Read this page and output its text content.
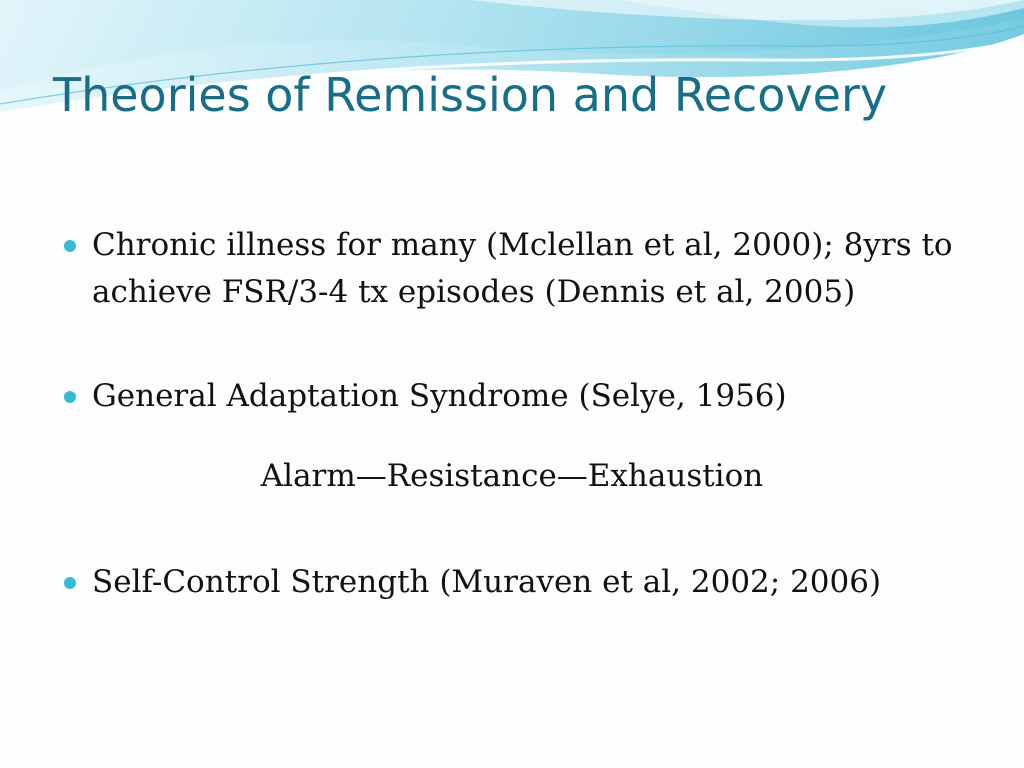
Theories of Remission and Recovery
Chronic illness for many (Mclellan et al, 2000); 8yrs to achieve FSR/3-4 tx episodes (Dennis et al, 2005)
General Adaptation Syndrome (Selye, 1956)
Alarm—Resistance—Exhaustion
Self-Control Strength (Muraven et al, 2002; 2006)
